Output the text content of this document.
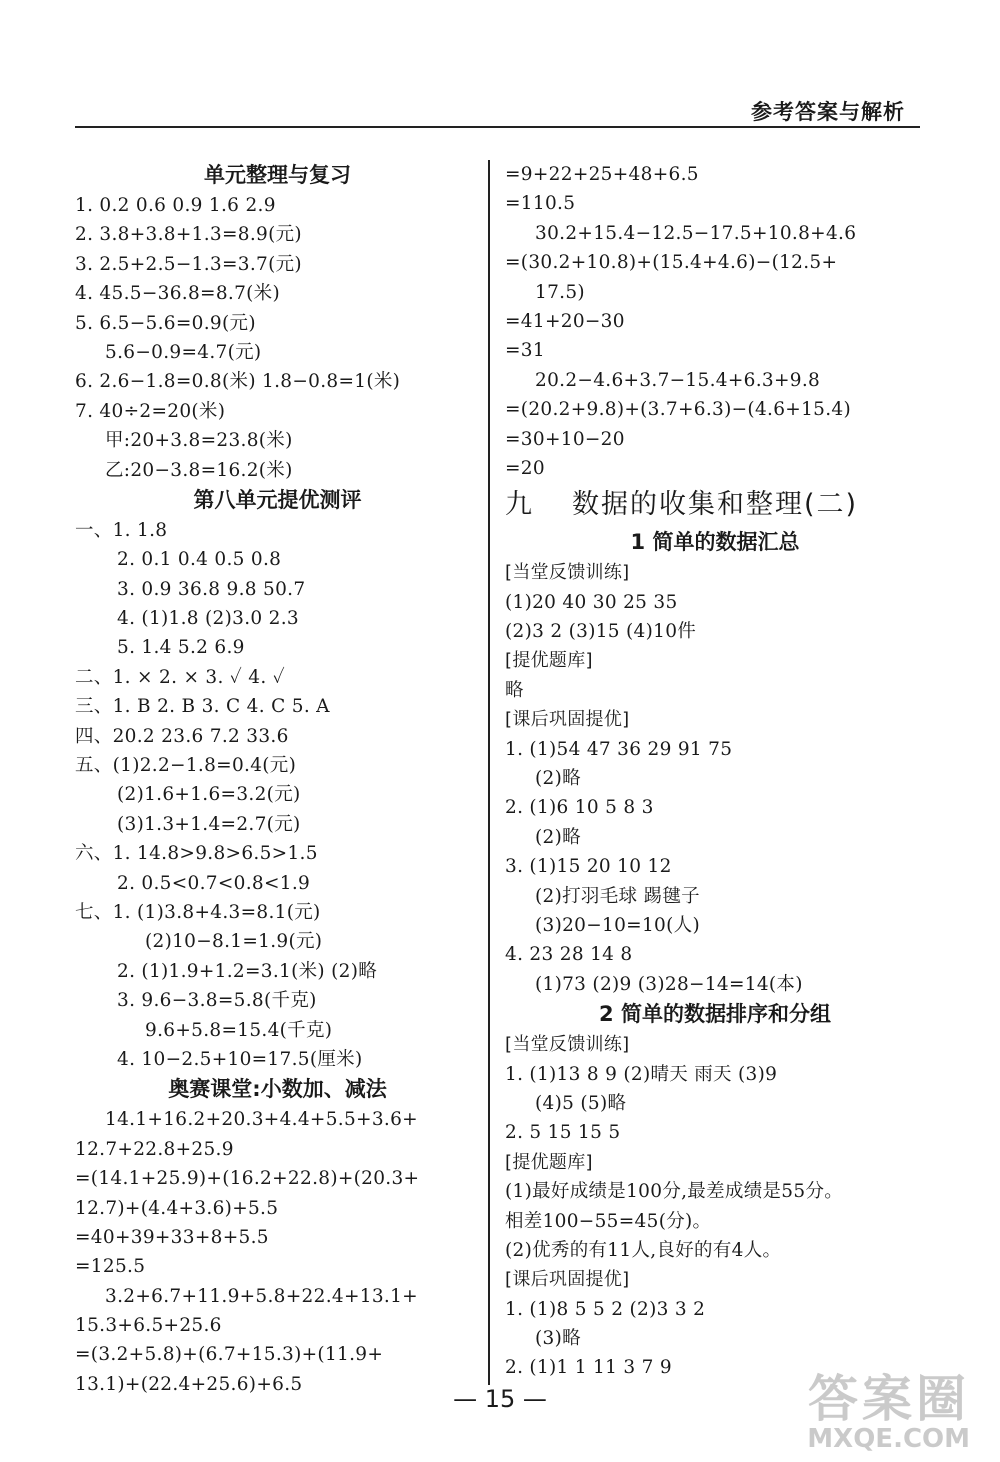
参考答案与解析
单元整理与复习
1. 0.2 0.6 0.9 1.6 2.9
2. 3.8+3.8+1.3=8.9(元)
3. 2.5+2.5−1.3=3.7(元)
4. 45.5−36.8=8.7(米)
5. 6.5−5.6=0.9(元)
5.6−0.9=4.7(元)
6. 2.6−1.8=0.8(米) 1.8−0.8=1(米)
7. 40÷2=20(米)
甲:20+3.8=23.8(米)
乙:20−3.8=16.2(米)
第八单元提优测评
一、1. 1.8
2. 0.1 0.4 0.5 0.8
3. 0.9 36.8 9.8 50.7
4. (1)1.8 (2)3.0 2.3
5. 1.4 5.2 6.9
二、1. × 2. × 3. ✓ 4. ✓
三、1. B 2. B 3. C 4. C 5. A
四、20.2 23.6 7.2 33.6
五、(1)2.2−1.8=0.4(元)
(2)1.6+1.6=3.2(元)
(3)1.3+1.4=2.7(元)
六、1. 14.8>9.8>6.5>1.5
2. 0.5<0.7<0.8<1.9
七、1. (1)3.8+4.3=8.1(元)
(2)10−8.1=1.9(元)
2. (1)1.9+1.2=3.1(米) (2)略
3. 9.6−3.8=5.8(千克)
9.6+5.8=15.4(千克)
4. 10−2.5+10=17.5(厘米)
奥赛课堂:小数加、减法
14.1+16.2+20.3+4.4+5.5+3.6+
12.7+22.8+25.9
=(14.1+25.9)+(16.2+22.8)+(20.3+
12.7)+(4.4+3.6)+5.5
=40+39+33+8+5.5
=125.5
3.2+6.7+11.9+5.8+22.4+13.1+
15.3+6.5+25.6
=(3.2+5.8)+(6.7+15.3)+(11.9+
13.1)+(22.4+25.6)+6.5
=9+22+25+48+6.5
=110.5
30.2+15.4−12.5−17.5+10.8+4.6
=(30.2+10.8)+(15.4+4.6)−(12.5+
17.5)
=41+20−30
=31
20.2−4.6+3.7−15.4+6.3+9.8
=(20.2+9.8)+(3.7+6.3)−(4.6+15.4)
=30+10−20
=20
九 数据的收集和整理(二)
1 简单的数据汇总
[当堂反馈训练]
(1)20 40 30 25 35
(2)3 2 (3)15 (4)10件
[提优题库]
略
[课后巩固提优]
1. (1)54 47 36 29 91 75
(2)略
2. (1)6 10 5 8 3
(2)略
3. (1)15 20 10 12
(2)打羽毛球 踢毽子
(3)20−10=10(人)
4. 23 28 14 8
(1)73 (2)9 (3)28−14=14(本)
2 简单的数据排序和分组
[当堂反馈训练]
1. (1)13 8 9 (2)晴天 雨天 (3)9
(4)5 (5)略
2. 5 15 15 5
[提优题库]
(1)最好成绩是100分,最差成绩是55分。
相差100−55=45(分)。
(2)优秀的有11人,良好的有4人。
[课后巩固提优]
1. (1)8 5 5 2 (2)3 3 2
(3)略
2. (1)1 1 11 3 7 9
— 15 —	答案圈
MXQE.COM
